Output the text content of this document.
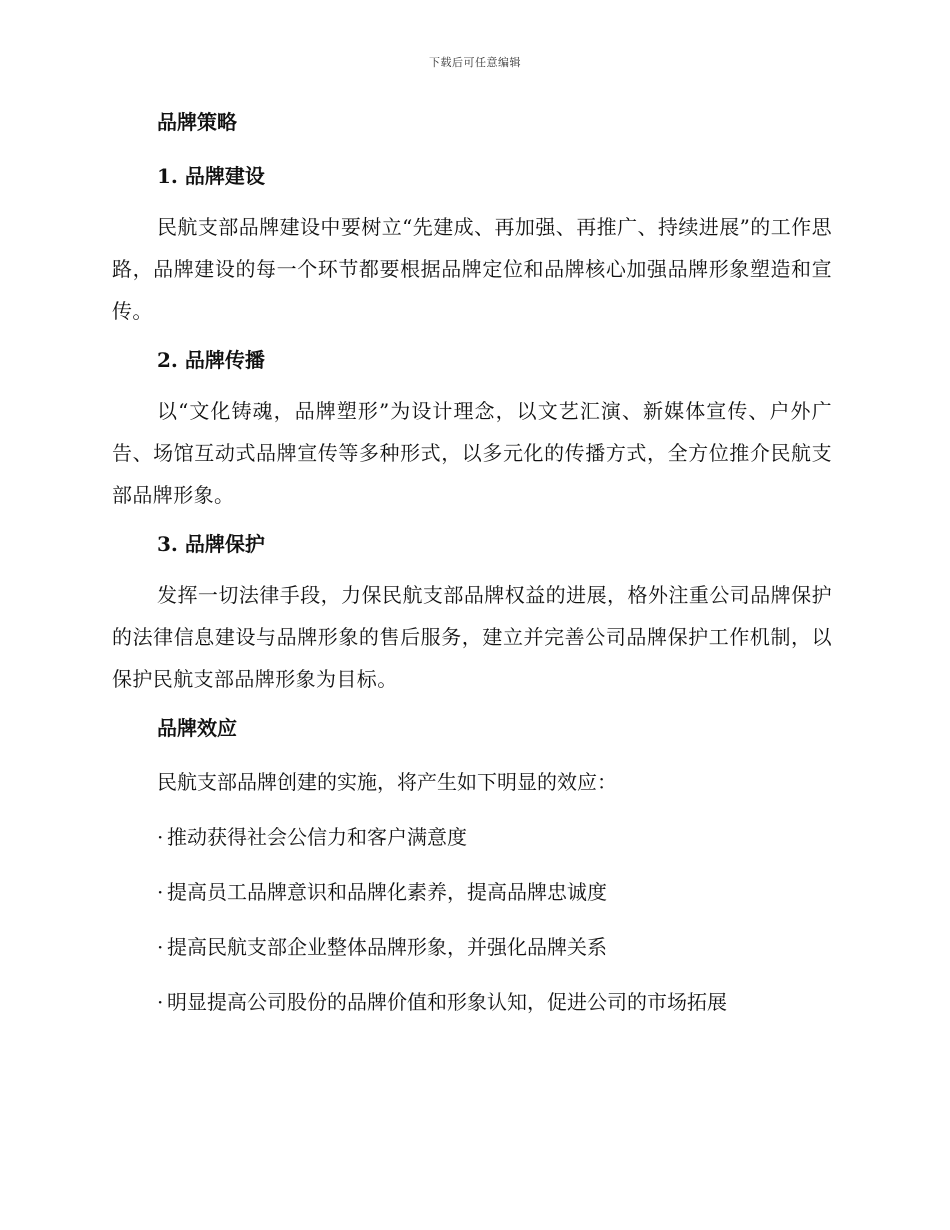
下载后可任意编辑
品牌策略
1. 品牌建设

民航支部品牌建设中要树立“先建成、再加强、再推广、持续进展”的工作思路，品牌建设的每一个环节都要根据品牌定位和品牌核心加强品牌形象塑造和宣传。

2. 品牌传播

以“文化铸魂，品牌塑形”为设计理念，以文艺汇演、新媒体宣传、户外广告、场馆互动式品牌宣传等多种形式，以多元化的传播方式，全方位推介民航支部品牌形象。

3. 品牌保护

发挥一切法律手段，力保民航支部品牌权益的进展，格外注重公司品牌保护的法律信息建设与品牌形象的售后服务，建立并完善公司品牌保护工作机制，以保护民航支部品牌形象为目标。

品牌效应
民航支部品牌创建的实施，将产生如下明显的效应：
· 推动获得社会公信力和客户满意度
· 提高员工品牌意识和品牌化素养，提高品牌忠诚度
· 提高民航支部企业整体品牌形象，并强化品牌关系
· 明显提高公司股份的品牌价值和形象认知，促进公司的市场拓展
